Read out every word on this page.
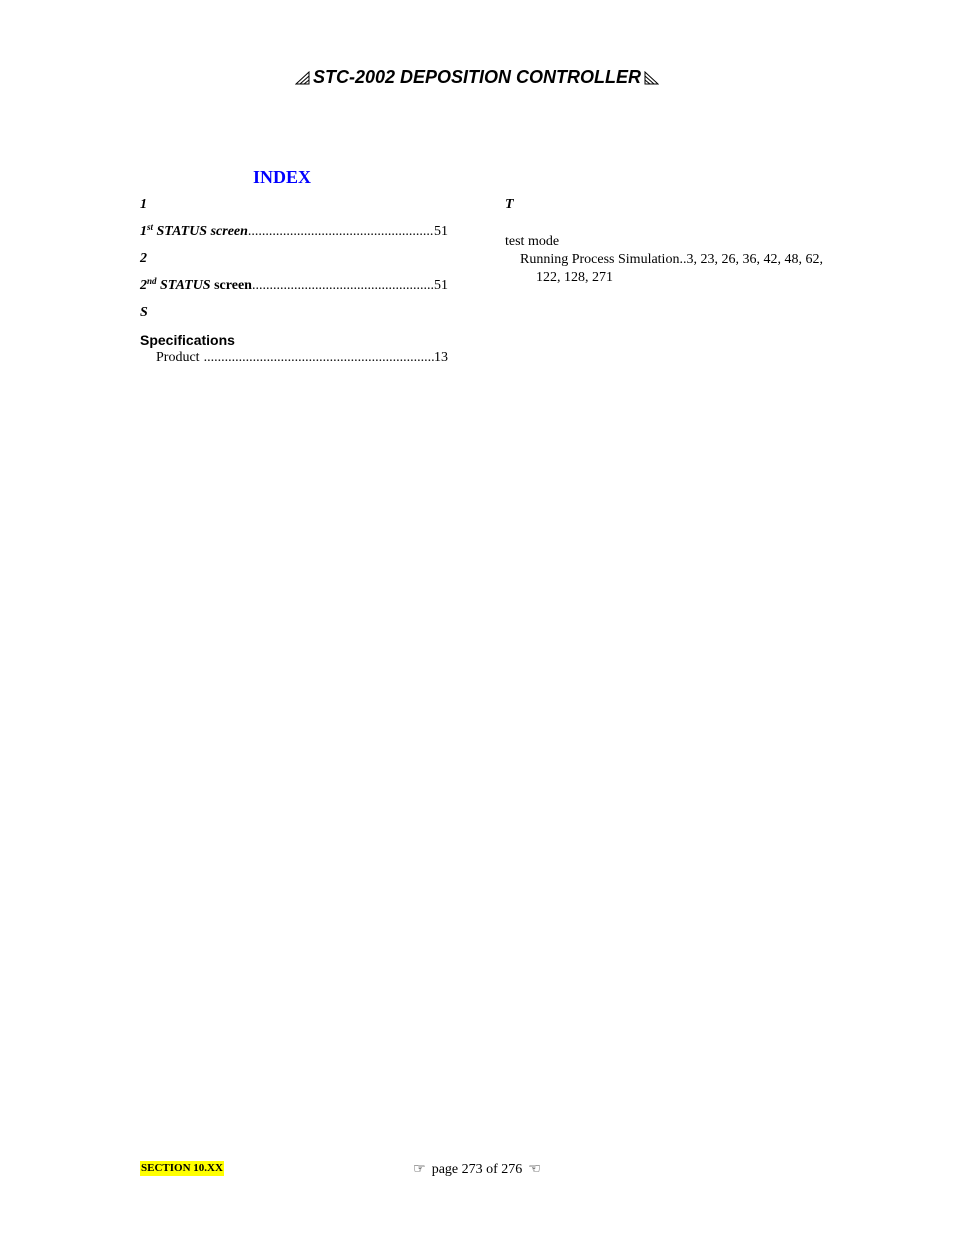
STC-2002 DEPOSITION CONTROLLER
INDEX
1
1st STATUS screen .....	51
2
2nd STATUS screen .....	51
S
Specifications
Product .....	13
T
test mode
Running Process Simulation..3, 23, 26, 36, 42, 48, 62, 122, 128, 271
SECTION 10.XX	☞ page 273 of 276 ☜
